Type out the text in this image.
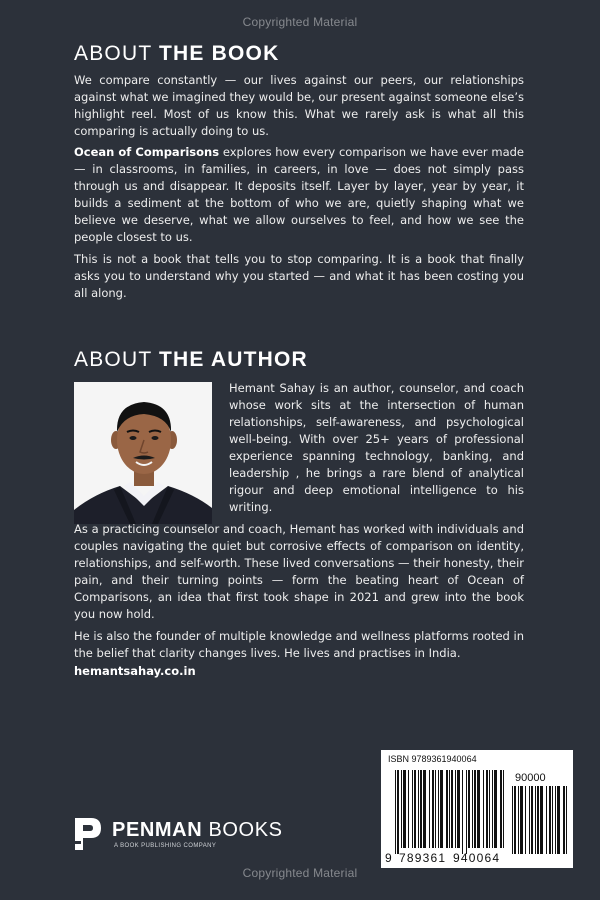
Copyrighted Material
ABOUT THE BOOK

We compare constantly — our lives against our peers, our relationships against what we imagined they would be, our present against someone else’s highlight reel. Most of us know this. What we rarely ask is what all this comparing is actually doing to us.

Ocean of Comparisons explores how every comparison we have ever made — in classrooms, in families, in careers, in love — does not simply pass through us and disappear. It deposits itself. Layer by layer, year by year, it builds a sediment at the bottom of who we are, quietly shaping what we believe we deserve, what we allow ourselves to feel, and how we see the people closest to us.

This is not a book that tells you to stop comparing. It is a book that finally asks you to understand why you started — and what it has been costing you all along.

ABOUT THE AUTHOR

Hemant Sahay is an author, counselor, and coach whose work sits at the intersection of human relationships, self-awareness, and psychological well-being. With over 25+ years of professional experience spanning technology, banking, and leadership , he brings a rare blend of analytical rigour and deep emotional intelligence to his writing.

As a practicing counselor and coach, Hemant has worked with individuals and couples navigating the quiet but corrosive effects of comparison on identity, relationships, and self-worth. These lived conversations — their honesty, their pain, and their turning points — form the beating heart of Ocean of Comparisons, an idea that first took shape in 2021 and grew into the book you now hold.

He is also the founder of multiple knowledge and wellness platforms rooted in the belief that clarity changes lives. He lives and practises in India.

hemantsahay.co.in

PENMAN BOOKS
A BOOK PUBLISHING COMPANY
ISBN 9789361940064
90000
9 789361 940064
Copyrighted Material
